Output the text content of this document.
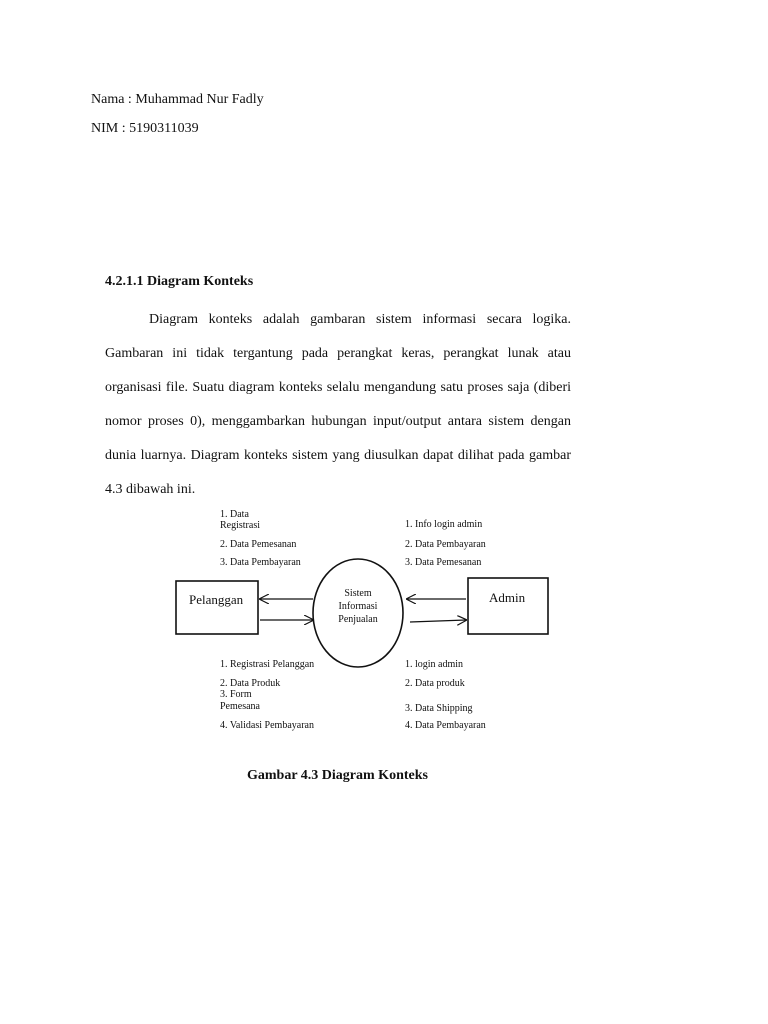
Nama : Muhammad Nur Fadly
NIM : 5190311039
4.2.1.1 Diagram Konteks

Diagram konteks adalah gambaran sistem informasi secara logika. Gambaran ini tidak tergantung pada perangkat keras, perangkat lunak atau organisasi file. Suatu diagram konteks selalu mengandung satu proses saja (diberi nomor proses 0), menggambarkan hubungan input/output antara sistem dengan dunia luarnya. Diagram konteks sistem yang diusulkan dapat dilihat pada gambar 4.3 dibawah ini.

1. Data
Registrasi
2. Data Pemesanan
3. Data Pembayaran
1. Info login admin
2. Data Pembayaran
3. Data Pemesanan
Pelanggan	Admin
Sistem
Informasi
Penjualan
1. Registrasi Pelanggan
2. Data Produk
3. Form
Pemesana
4. Validasi Pembayaran
1. login admin
2. Data produk
3. Data Shipping
4. Data Pembayaran
Gambar 4.3 Diagram Konteks
